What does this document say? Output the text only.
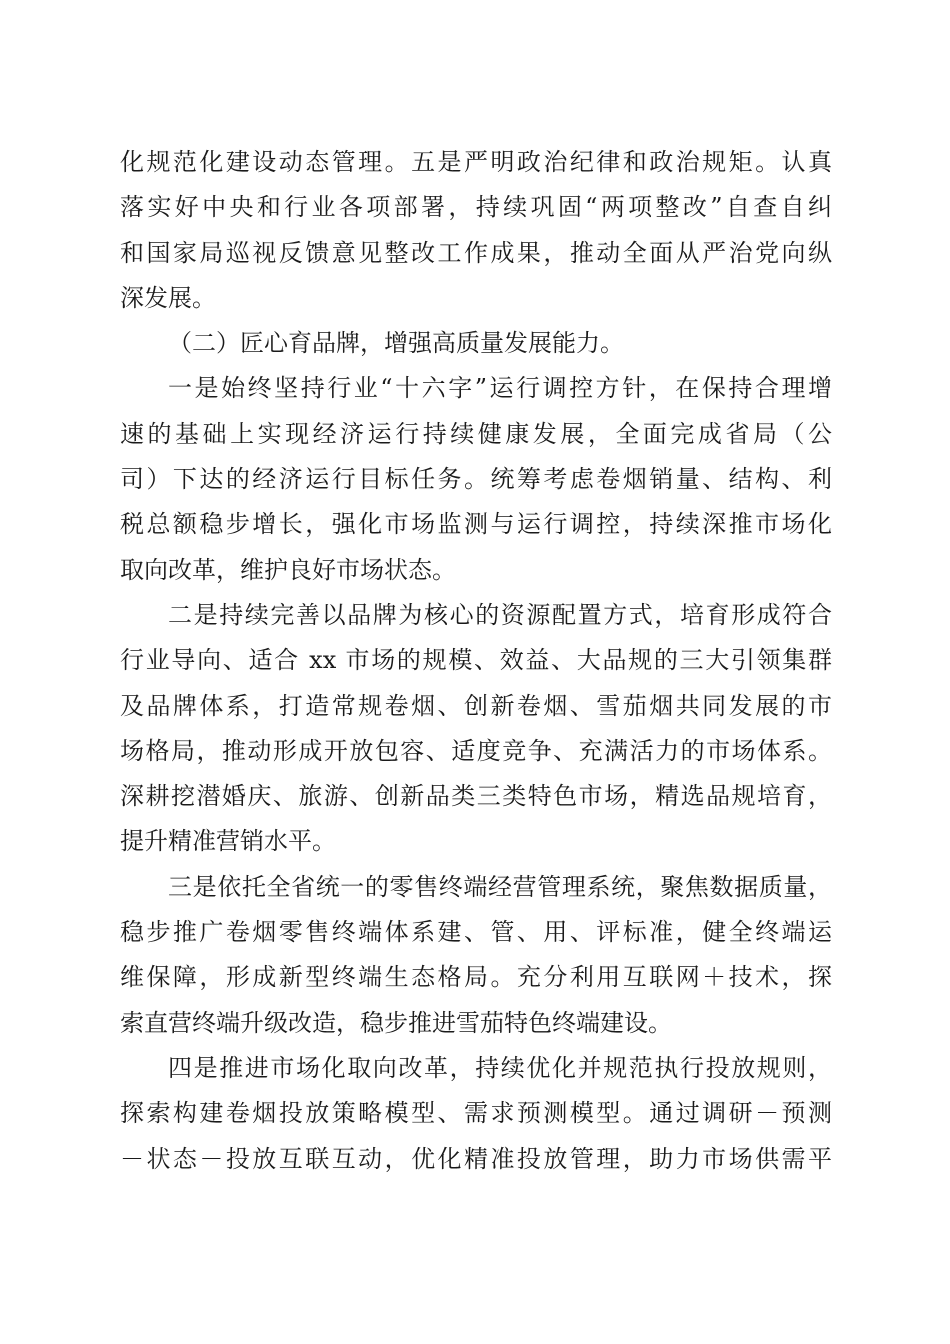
化规范化建设动态管理。五是严明政治纪律和政治规矩。认真
落实好中央和行业各项部署，持续巩固“两项整改”自查自纠
和国家局巡视反馈意见整改工作成果，推动全面从严治党向纵
深发展。
（二）匠心育品牌，增强高质量发展能力。
一是始终坚持行业“十六字”运行调控方针，在保持合理增
速的基础上实现经济运行持续健康发展，全面完成省局（公
司）下达的经济运行目标任务。统筹考虑卷烟销量、结构、利
税总额稳步增长，强化市场监测与运行调控，持续深推市场化
取向改革，维护良好市场状态。
二是持续完善以品牌为核心的资源配置方式，培育形成符合
行业导向、适合 xx 市场的规模、效益、大品规的三大引领集群
及品牌体系，打造常规卷烟、创新卷烟、雪茄烟共同发展的市
场格局，推动形成开放包容、适度竞争、充满活力的市场体系。
深耕挖潜婚庆、旅游、创新品类三类特色市场，精选品规培育，
提升精准营销水平。
三是依托全省统一的零售终端经营管理系统，聚焦数据质量，
稳步推广卷烟零售终端体系建、管、用、评标准，健全终端运
维保障，形成新型终端生态格局。充分利用互联网＋技术，探
索直营终端升级改造，稳步推进雪茄特色终端建设。
四是推进市场化取向改革，持续优化并规范执行投放规则，
探索构建卷烟投放策略模型、需求预测模型。通过调研－预测
－状态－投放互联互动，优化精准投放管理，助力市场供需平
